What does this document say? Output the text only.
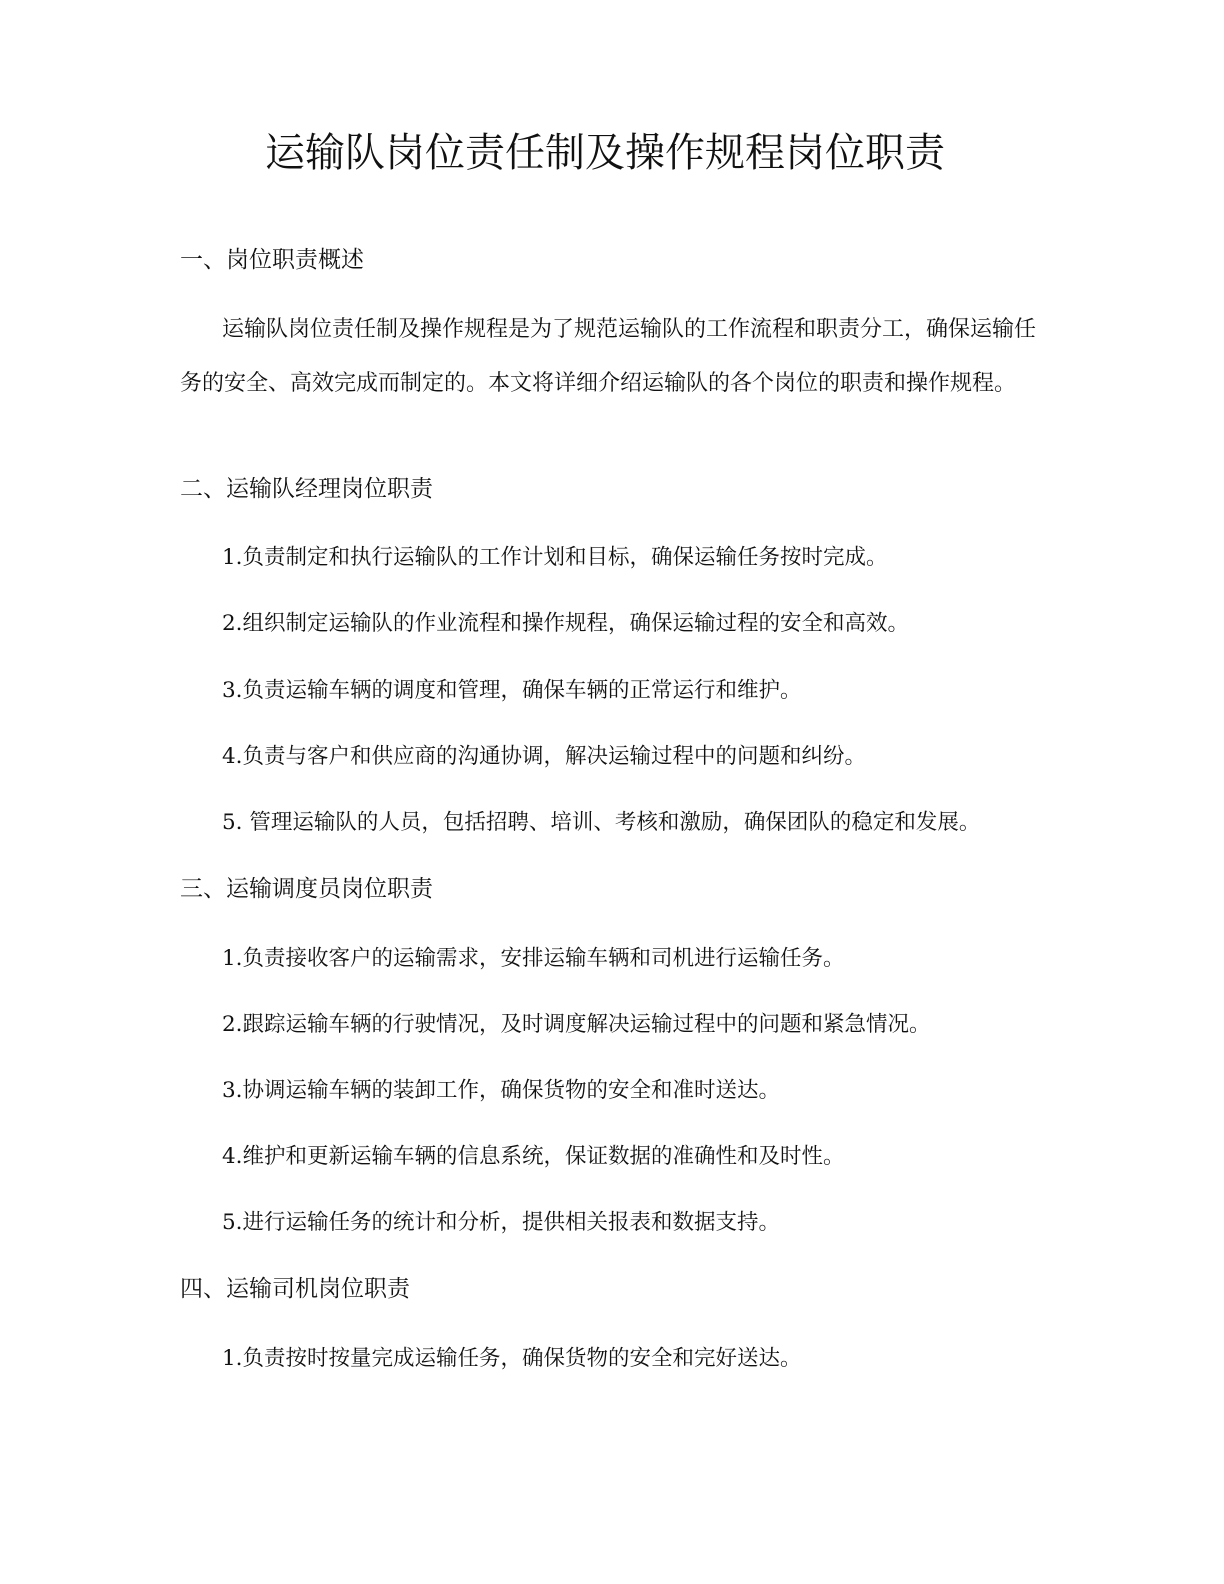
运输队岗位责任制及操作规程岗位职责
一、岗位职责概述

运输队岗位责任制及操作规程是为了规范运输队的工作流程和职责分工，确保运输任务的安全、高效完成而制定的。本文将详细介绍运输队的各个岗位的职责和操作规程。

二、运输队经理岗位职责

1.负责制定和执行运输队的工作计划和目标，确保运输任务按时完成。

2.组织制定运输队的作业流程和操作规程，确保运输过程的安全和高效。

3.负责运输车辆的调度和管理，确保车辆的正常运行和维护。

4.负责与客户和供应商的沟通协调，解决运输过程中的问题和纠纷。

5. 管理运输队的人员，包括招聘、培训、考核和激励，确保团队的稳定和发展。

三、运输调度员岗位职责

1.负责接收客户的运输需求，安排运输车辆和司机进行运输任务。

2.跟踪运输车辆的行驶情况，及时调度解决运输过程中的问题和紧急情况。

3.协调运输车辆的装卸工作，确保货物的安全和准时送达。

4.维护和更新运输车辆的信息系统，保证数据的准确性和及时性。

5.进行运输任务的统计和分析，提供相关报表和数据支持。

四、运输司机岗位职责

1.负责按时按量完成运输任务，确保货物的安全和完好送达。
